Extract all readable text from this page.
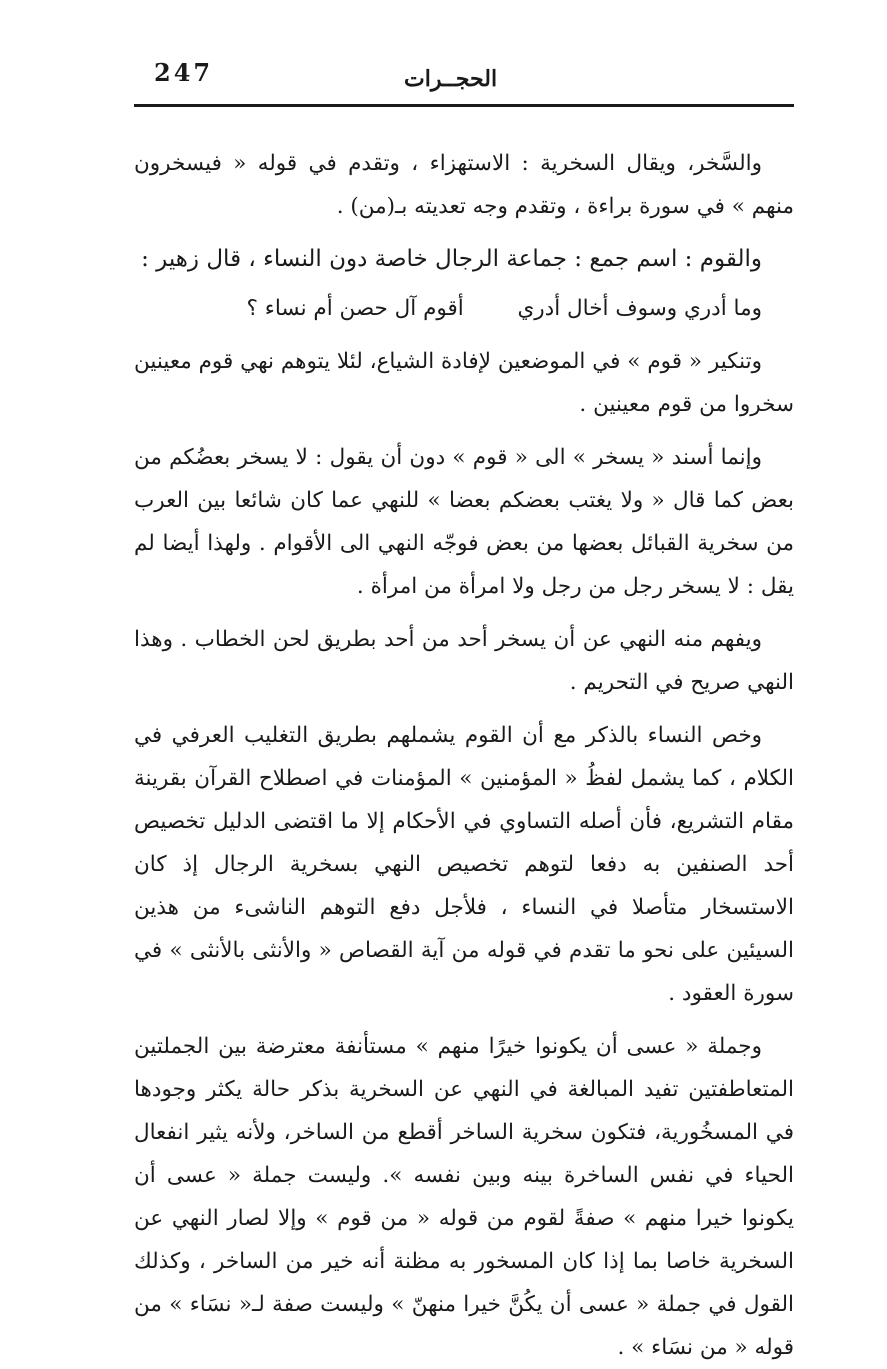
247	الحجــرات

والسَّخر، ويقال السخرية : الاستهزاء ، وتقدم في قوله « فيسخرون منهم » في سورة براءة ، وتقدم وجه تعديته بـ(من) .

والقوم : اسم جمع : جماعة الرجال خاصة دون النساء ، قال زهير :

وما أدري وسوف أخال أدري  أقوم آل حصن أم نساء ؟

وتنكير « قوم » في الموضعين لإفادة الشياع، لئلا يتوهم نهي قوم معينين سخروا من قوم معينين .

وإنما أسند « يسخر » الى « قوم » دون أن يقول : لا يسخر بعضُكم من بعض كما قال « ولا يغتب بعضكم بعضا » للنهي عما كان شائعا بين العرب من سخرية القبائل بعضها من بعض فوجّه النهي الى الأقوام . ولهذا أيضا لم يقل : لا يسخر رجل من رجل ولا امرأة من امرأة .

ويفهم منه النهي عن أن يسخر أحد من أحد بطريق لحن الخطاب . وهذا النهي صريح في التحريم .

وخص النساء بالذكر مع أن القوم يشملهم بطريق التغليب العرفي في الكلام ، كما يشمل لفظُ « المؤمنين » المؤمنات في اصطلاح القرآن بقرينة مقام التشريع، فأن أصله التساوي في الأحكام إلا ما اقتضى الدليل تخصيص أحد الصنفين به دفعا لتوهم تخصيص النهي بسخرية الرجال إذ كان الاستسخار متأصلا في النساء ، فلأجل دفع التوهم الناشىء من هذين السيئين على نحو ما تقدم في قوله من آية القصاص « والأنثى بالأنثى » في سورة العقود .

وجملة « عسى أن يكونوا خيرًا منهم » مستأنفة معترضة بين الجملتين المتعاطفتين تفيد المبالغة في النهي عن السخرية بذكر حالة يكثر وجودها في المسخُورية، فتكون سخرية الساخر أقطع من الساخر، ولأنه يثير انفعال الحياء في نفس الساخرة بينه وبين نفسه ». وليست جملة « عسى أن يكونوا خيرا منهم » صفةً لقوم من قوله « من قوم » وإلا لصار النهي عن السخرية خاصا بما إذا كان المسخور به مظنة أنه خير من الساخر ، وكذلك القول في جملة « عسى أن يكُنَّ خيرا منهنّ » وليست صفة لـ« نسَاء » من قوله « من نسَاء » .
